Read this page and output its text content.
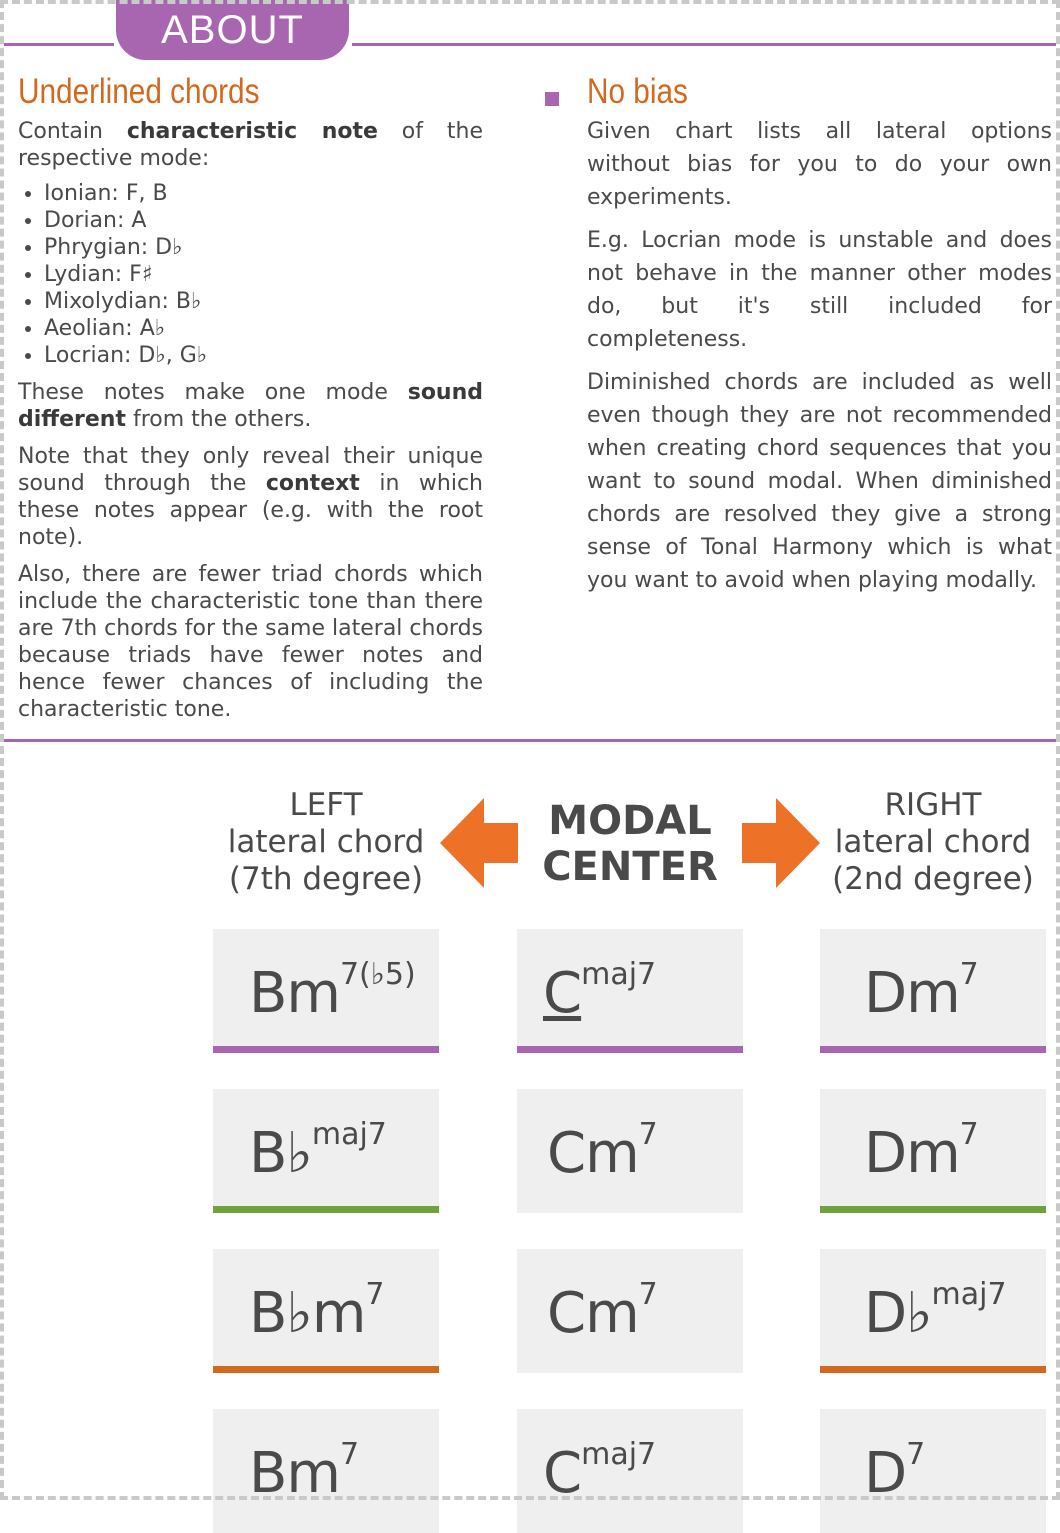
ABOUT
Underlined chords

Contain characteristic note of the respective mode:

• Ionian: F, B
• Dorian: A
• Phrygian: D♭
• Lydian: F♯
• Mixolydian: B♭
• Aeolian: A♭
• Locrian: D♭, G♭

These notes make one mode sound different from the others.

Note that they only reveal their unique sound through the context in which these notes appear (e.g. with the root note).

Also, there are fewer triad chords which include the characteristic tone than there are 7th chords for the same lateral chords because triads have fewer notes and hence fewer chances of including the characteristic tone.

No bias

Given chart lists all lateral options without bias for you to do your own experiments.

E.g. Locrian mode is unstable and does not behave in the manner other modes do, but it's still included for completeness.

Diminished chords are included as well even though they are not recommended when creating chord sequences that you want to sound modal. When diminished chords are resolved they give a strong sense of Tonal Harmony which is what you want to avoid when playing modally.

LEFT
lateral chord
(7th degree)
MODAL
CENTER
RIGHT
lateral chord
(2nd degree)
$Bm^{7(♭5)}$ $C^{maj7}$	Dm$^7$
B♭$^{maj7}$	Cm$^7$	Dm$^7$
$B♭m^7$	Cm$^7$	D♭$^{maj7}$
Bm$^7$	$C^{maj7}$	$D^7$
